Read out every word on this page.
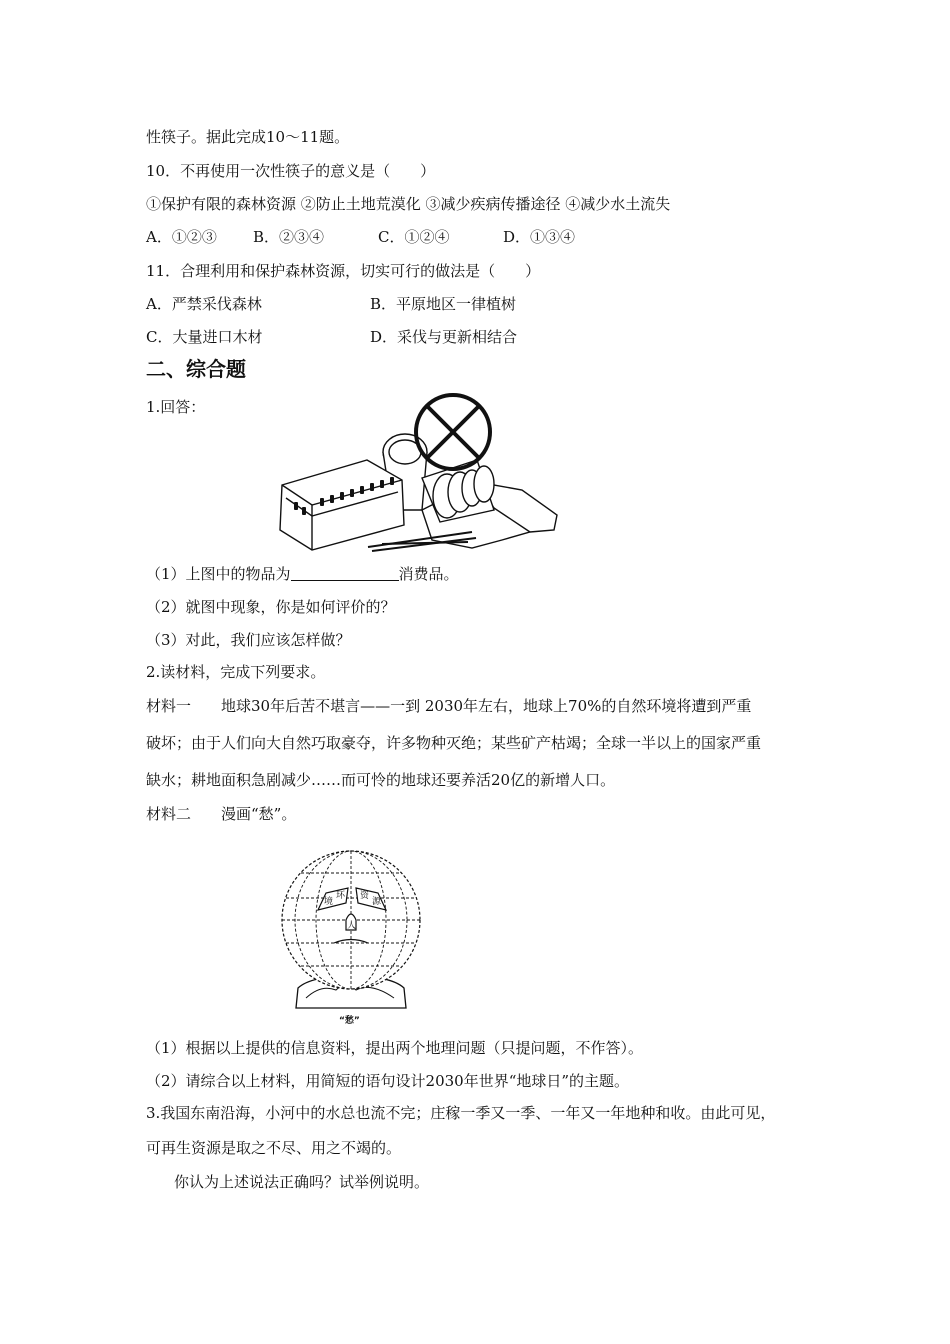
性筷子。据此完成10～11题。
10．不再使用一次性筷子的意义是（　　）
①保护有限的森林资源 ②防止土地荒漠化 ③减少疾病传播途径 ④减少水土流失
A．①②③ B．②③④	C．①②④	D．①③④
11．合理利用和保护森林资源，切实可行的做法是（　　）
A．严禁采伐森林	B．平原地区一律植树
C．大量进口木材	D．采伐与更新相结合
二、综合题
1.回答：
（1）上图中的物品为	消费品。
（2）就图中现象，你是如何评价的？
（3）对此，我们应该怎样做？
2.读材料，完成下列要求。
材料一　　地球30年后苦不堪言——一到 2030年左右，地球上70%的自然环境将遭到严重
破坏；由于人们向大自然巧取豪夺，许多物种灭绝；某些矿产枯竭；全球一半以上的国家严重
缺水；耕地面积急剧减少……而可怜的地球还要养活20亿的新增人口。
材料二　　漫画“愁”。
境
环 资
源
人
“愁”
（1）根据以上提供的信息资料，提出两个地理问题（只提问题，不作答）。
（2）请综合以上材料，用简短的语句设计2030年世界“地球日”的主题。
3.我国东南沿海，小河中的水总也流不完；庄稼一季又一季、一年又一年地种和收。由此可见，
可再生资源是取之不尽、用之不竭的。
你认为上述说法正确吗？试举例说明。
